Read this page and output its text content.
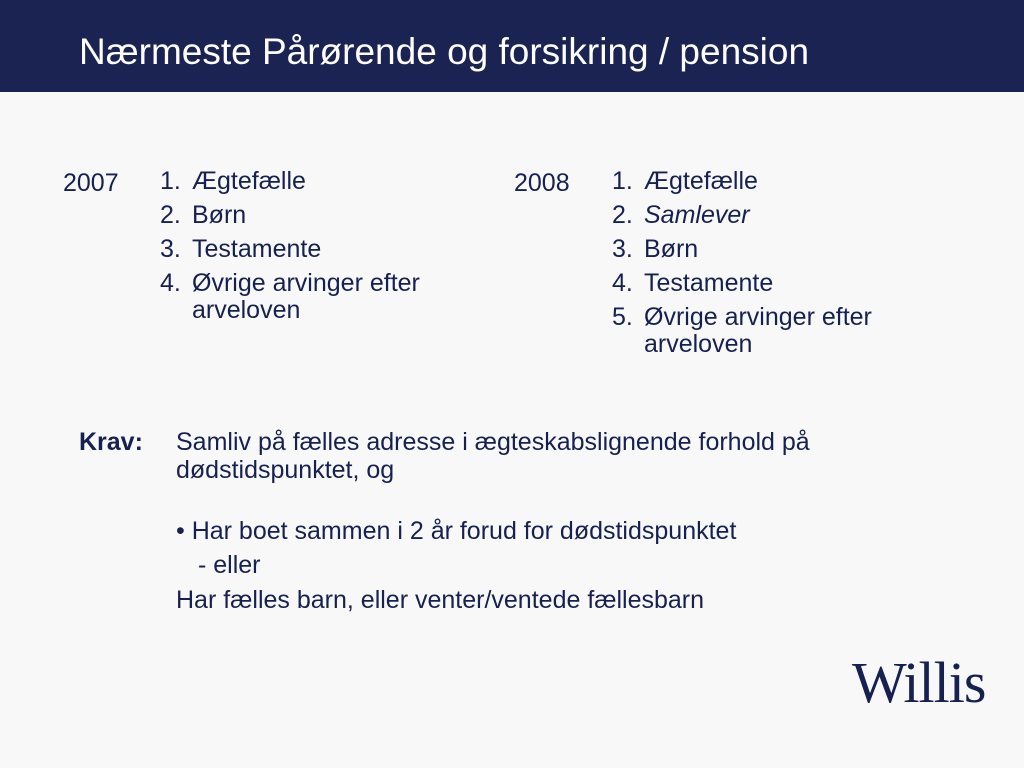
Nærmeste Pårørende og forsikring / pension
2007 1. Ægtefælle
2. Børn
3. Testamente
4. Øvrige arvinger efter arveloven
2008 1. Ægtefælle
2. Samlever
3. Børn
4. Testamente
5. Øvrige arvinger efter arveloven
Krav: Samliv på fælles adresse i ægteskabslignende forhold på dødstidspunktet, og
• Har boet sammen i 2 år forud for dødstidspunktet
- eller
Har fælles barn, eller venter/ventede fællesbarn
Willis
